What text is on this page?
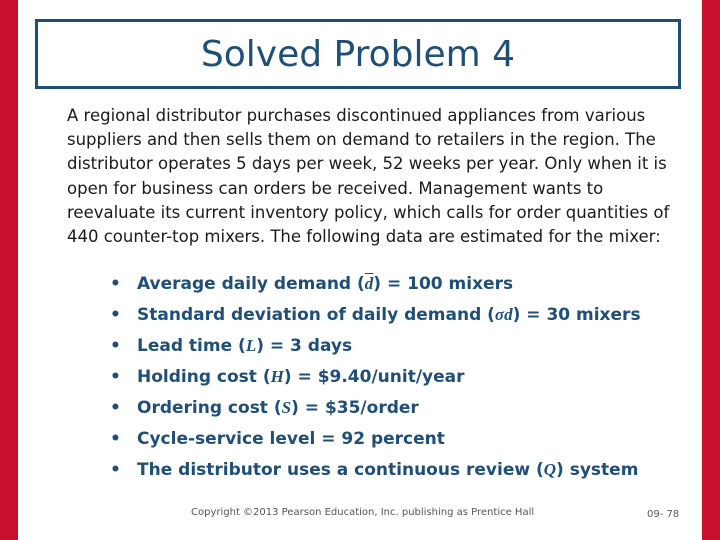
Solved Problem 4
A regional distributor purchases discontinued appliances from various suppliers and then sells them on demand to retailers in the region. The distributor operates 5 days per week, 52 weeks per year. Only when it is open for business can orders be received. Management wants to reevaluate its current inventory policy, which calls for order quantities of 440 counter-top mixers. The following data are estimated for the mixer:
• Average daily demand $(\overline{d}) = 100$ mixers
• Standard deviation of daily demand (σd) = 30 mixers
• Lead time (L) = 3 days
• Holding cost (H) = $9.40/unit/year
• Ordering cost (S) = $35/order
• Cycle-service level = 92 percent
• The distributor uses a continuous review (Q) system
Copyright ©2013 Pearson Education, Inc. publishing as Prentice Hall	09- 78
